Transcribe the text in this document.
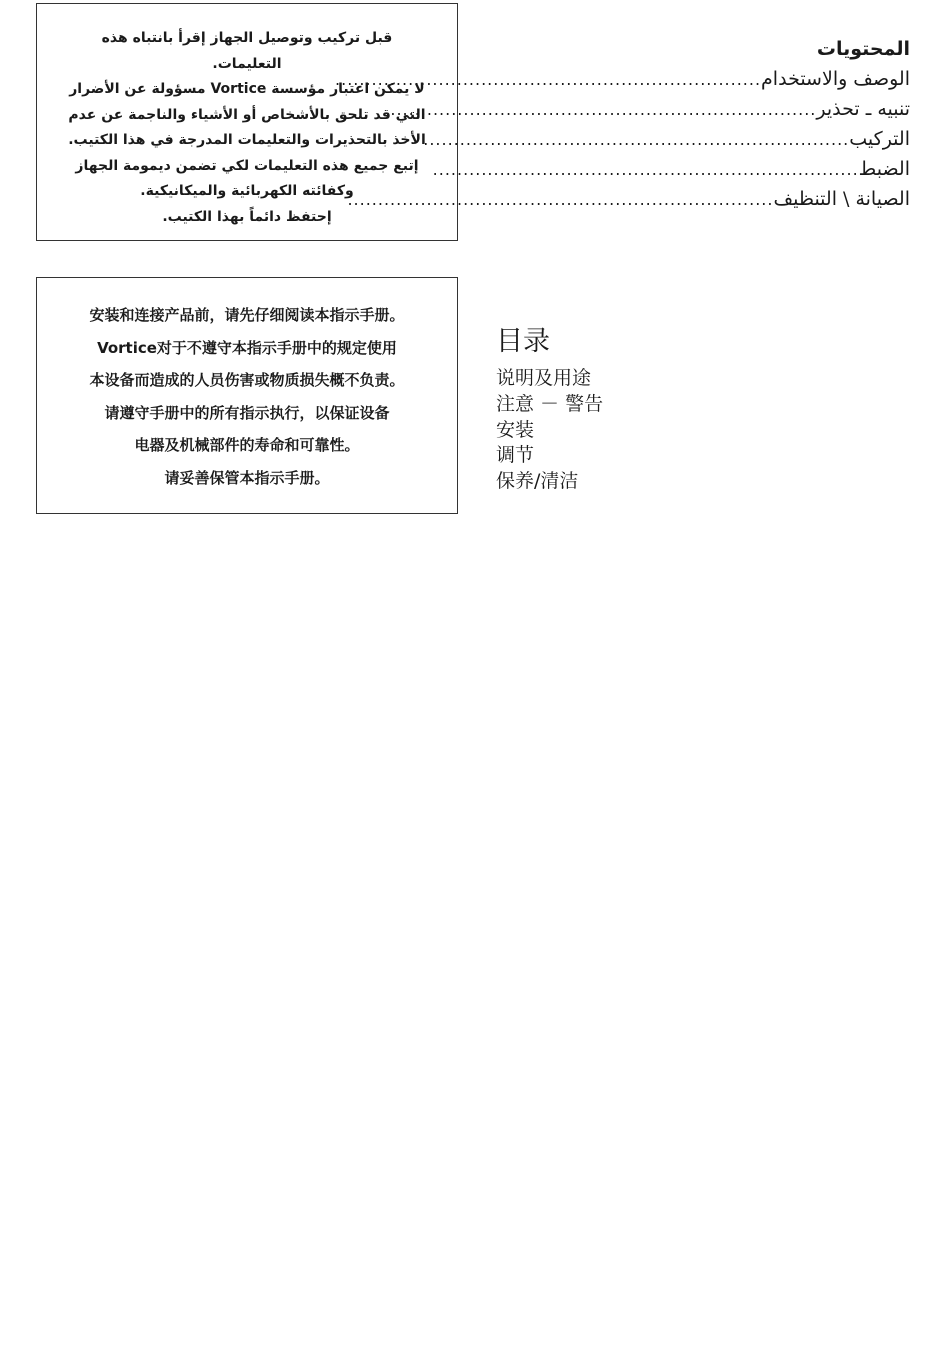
قبل تركيب وتوصيل الجهاز إقرأ بانتباه هذه
التعليمات.
لا يمكن اعتبار مؤسسة Vortice مسؤولة عن الأضرار
التي قد تلحق بالأشخاص أو الأشياء والناجمة عن عدم
الأخذ بالتحذيرات والتعليمات المدرجة في هذا الكتيب.
إتبع جميع هذه التعليمات لكي تضمن ديمومة الجهاز
وكفائته الكهربائية والميكانيكية.
إحتفظ دائماً بهذا الكتيب.
安装和连接产品前，请先仔细阅读本指示手册。
Vortice对于不遵守本指示手册中的规定使用
本设备而造成的人员伤害或物质损失概不负责。
请遵守手册中的所有指示执行，以保证设备
电器及机械部件的寿命和可靠性。
请妥善保管本指示手册。
المحتويات
الوصف والاستخدام
......................................................................
تنبيه ـ تحذير
......................................................................
التركيب
......................................................................
الضبط
......................................................................
الصيانة \ التنظيف
......................................................................
目录
说明及用途
注意 － 警告
安装
调节
保养/清洁
